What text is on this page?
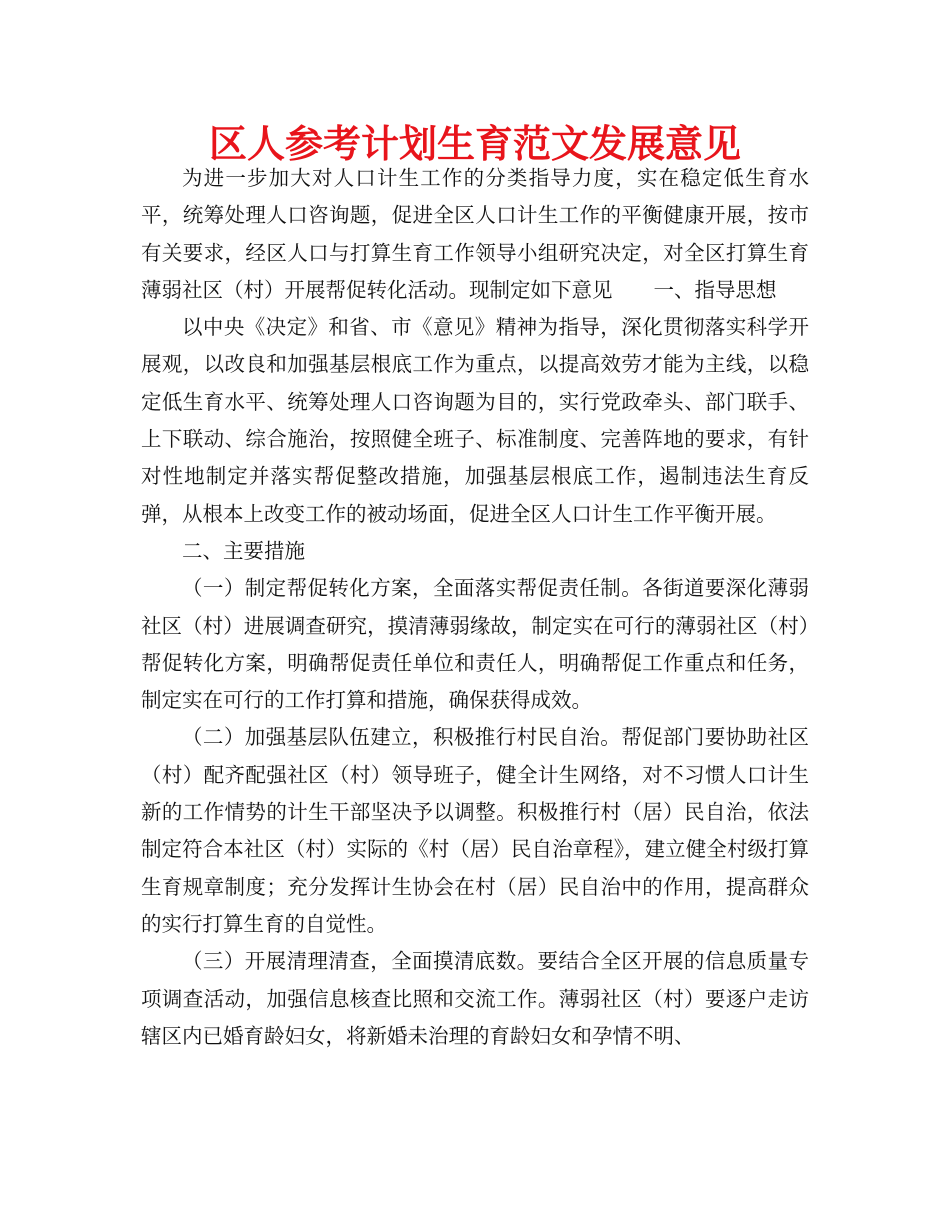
区人参考计划生育范文发展意见

为进一步加大对人口计生工作的分类指导力度，实在稳定低生育水平，统筹处理人口咨询题，促进全区人口计生工作的平衡健康开展，按市有关要求，经区人口与打算生育工作领导小组研究决定，对全区打算生育薄弱社区（村）开展帮促转化活动。现制定如下意见　　一、指导思想

以中央《决定》和省、市《意见》精神为指导，深化贯彻落实科学开展观，以改良和加强基层根底工作为重点，以提高效劳才能为主线，以稳定低生育水平、统筹处理人口咨询题为目的，实行党政牵头、部门联手、上下联动、综合施治，按照健全班子、标准制度、完善阵地的要求，有针对性地制定并落实帮促整改措施，加强基层根底工作，遏制违法生育反弹，从根本上改变工作的被动场面，促进全区人口计生工作平衡开展。

二、主要措施

（一）制定帮促转化方案，全面落实帮促责任制。各街道要深化薄弱社区（村）进展调查研究，摸清薄弱缘故，制定实在可行的薄弱社区（村）帮促转化方案，明确帮促责任单位和责任人，明确帮促工作重点和任务，制定实在可行的工作打算和措施，确保获得成效。

（二）加强基层队伍建立，积极推行村民自治。帮促部门要协助社区（村）配齐配强社区（村）领导班子，健全计生网络，对不习惯人口计生新的工作情势的计生干部坚决予以调整。积极推行村（居）民自治，依法制定符合本社区（村）实际的《村（居）民自治章程》，建立健全村级打算生育规章制度；充分发挥计生协会在村（居）民自治中的作用，提高群众的实行打算生育的自觉性。

（三）开展清理清查，全面摸清底数。要结合全区开展的信息质量专项调查活动，加强信息核查比照和交流工作。薄弱社区（村）要逐户走访辖区内已婚育龄妇女，将新婚未治理的育龄妇女和孕情不明、
